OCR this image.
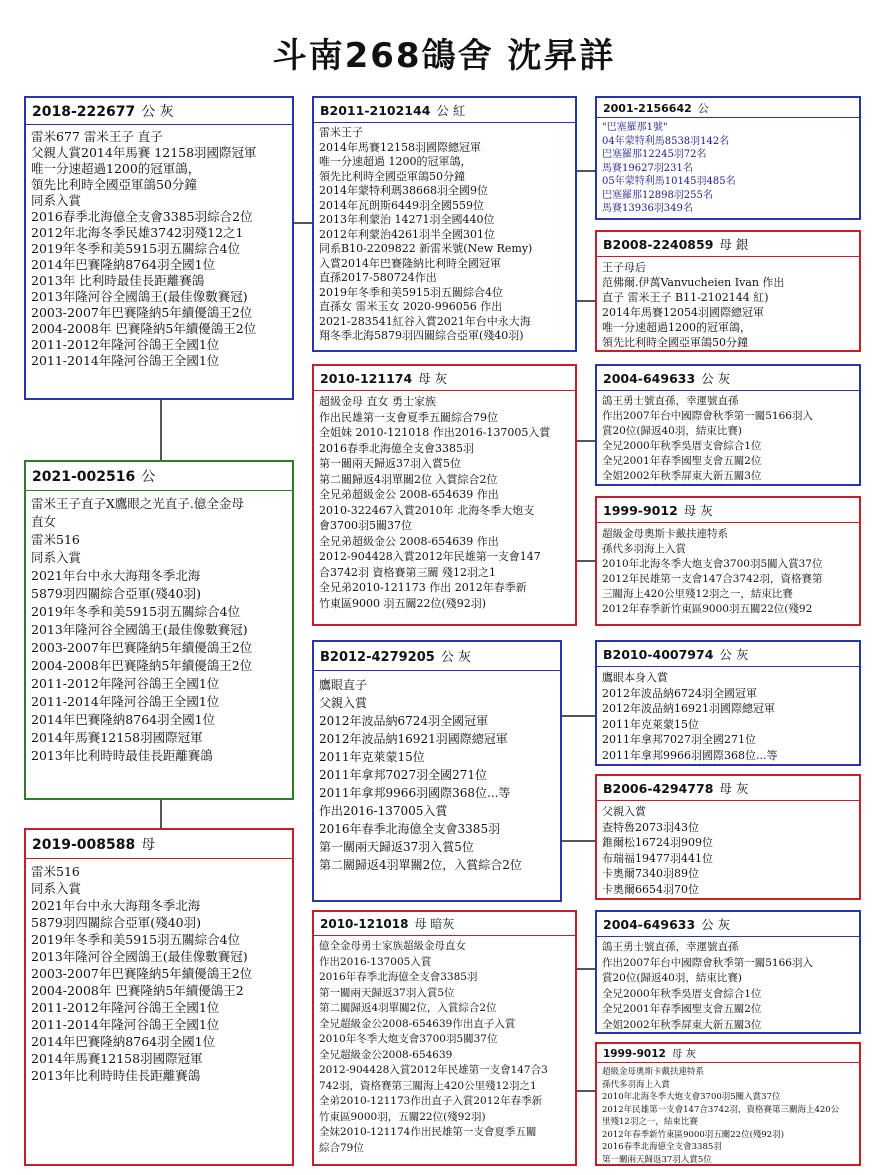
斗南268鴿舍 沈昇詳
2018-222677 公 灰
雷米677 雷米王子 直子
父親人賞2014年馬賽 12158羽國際冠軍
唯一分速超過1200的冠軍鴿，
領先比利時全國亞軍鴿50分鐘
同系入賞
2016春季北海億全支會3385羽綜合2位
2012年北海冬季民雄3742羽殘12之1
2019年冬季和美5915羽五關綜合4位
2014年巴賽隆納8764羽全國1位
2013年 比利時最佳長距離賽鴿
2013年隆河谷全國鴿王(最佳像數賽冠)
2003-2007年巴賽隆納5年續優鴿王2位
2004-2008年 巴賽隆納5年續優鴿王2位
2011-2012年隆河谷鴿王全國1位
2011-2014年隆河谷鴿王全國1位
B2011-2102144 公 紅
雷米王子
2014年馬賽12158羽國際總冠軍
唯一分速超過 1200的冠軍鴿，
領先比利時全國亞軍鴿50分鐘
2014年蒙特利瑪38668羽全國9位
2014年瓦朗斯6449羽全國559位
2013年利蒙治 14271羽全國440位
2012年利蒙治4261羽半全國301位
同系B10-2209822 新雷米號(New Remy)
入賞2014年巴賽隆納比利時全國冠軍
直孫2017-580724作出
2019年冬季和美5915羽五關綜合4位
直孫女 雷米玉女 2020-996056 作出
2021-283541紅谷入賞2021年台中永大海
翔冬季北海5879羽四關綜合亞軍(殘40羽)
2001-2156642 公
"巴塞羅那1號"
04年蒙特利馬8538羽142名
巴塞羅那12245羽72名
馬賽19627羽231名
05年蒙特利馬10145羽485名
巴塞羅那12898羽255名
馬賽13936羽349名
B2008-2240859 母 銀
王子母后
范佛爾.伊萬Vanvucheien Ivan 作出
直子 雷米王子 B11-2102144 紅)
2014年馬賽12054羽國際總冠軍
唯一分速超過1200的冠軍鴿，
領先比利時全國亞軍鴿50分鐘
2010-121174 母 灰
超級金母 直女 勇士家族
作出民雄第一支會夏季五關綜合79位
全姐妹 2010-121018 作出2016-137005入賞
2016春季北海億全支會3385羽
第一關兩天歸返37羽入賞5位
第二關歸返4羽單關2位 入賞綜合2位
全兄弟超級金公 2008-654639 作出
2010-322467入賞2010年 北海冬季大炮支
會3700羽5關37位
全兄弟超級金公 2008-654639 作出
2012-904428入賞2012年民雄第一支會147
合3742羽 資格賽第三關 殘12羽之1
全兄弟2010-121173 作出 2012年春季新
竹東區9000 羽五關22位(殘92羽)
2004-649633 公 灰
鴿王勇士號直孫，幸運號直孫
作出2007年台中國際會秋季第一關5166羽入
賞20位(歸返40羽，結束比賽)
全兄2000年秋季吳厝支會綜合1位
全兄2001年春季國聖支會五關2位
全姐2002年秋季屏東大新五關3位
1999-9012 母 灰
超級金母奧斯卡戴扶連特系
孫代多羽海上入賞
2010年北海冬季大炮支會3700羽5關入賞37位
2012年民雄第一支會147合3742羽，資格賽第
三關海上420公里殘12羽之一，結束比賽
2012年春季新竹東區9000羽五關22位(殘92
2021-002516 公
雷米王子直子X鷹眼之光直子.億全金母
直女
雷米516
同系入賞
2021年台中永大海翔冬季北海
5879羽四關綜合亞軍(殘40羽)
2019年冬季和美5915羽五關綜合4位
2013年隆河谷全國鴿王(最佳像數賽冠)
2003-2007年巴賽隆納5年續優鴿王2位
2004-2008年巴賽隆納5年續優鴿王2位
2011-2012年隆河谷鴿王全國1位
2011-2014年隆河谷鴿王全國1位
2014年巴賽隆納8764羽全國1位
2014年馬賽12158羽國際冠軍
2013年比利時時最佳長距離賽鴿
B2012-4279205 公 灰
鷹眼直子
父親入賞
2012年波品納6724羽全國冠軍
2012年波品納16921羽國際總冠軍
2011年克萊蒙15位
2011年拿邦7027羽全國271位
2011年拿邦9966羽國際368位...等
作出2016-137005入賞
2016年春季北海億全支會3385羽
第一關兩天歸返37羽入賞5位
第二關歸返4羽單關2位，入賞綜合2位
B2010-4007974 公 灰
鷹眼本身入賞
2012年波品納6724羽全國冠軍
2012年波品納16921羽國際總冠軍
2011年克萊蒙15位
2011年拿邦7027羽全國271位
2011年拿邦9966羽國際368位...等
B2006-4294778 母 灰
父親入賞
查特魯2073羽43位
錐爾松16724羽909位
布瑞福19477羽441位
卡奧爾7340羽89位
卡奧爾6654羽70位
2019-008588 母
雷米516
同系入賞
2021年台中永大海翔冬季北海
5879羽四關綜合亞軍(殘40羽)
2019年冬季和美5915羽五關綜合4位
2013年隆河谷全國鴿王(最佳像數賽冠)
2003-2007年巴賽隆納5年續優鴿王2位
2004-2008年 巴賽隆納5年續優鴿王2
2011-2012年隆河谷鴿王全國1位
2011-2014年隆河谷鴿王全國1位
2014年巴賽隆納8764羽全國1位
2014年馬賽12158羽國際冠軍
2013年比利時時佳長距離賽鴿
2010-121018 母 暗灰
億全金母勇士家族超級金母直女
作出2016-137005入賞
2016年春季北海億全支會3385羽
第一關兩天歸返37羽入賞5位
第二關歸返4羽單關2位，入賞綜合2位
全兄超級金公2008-654639作出直子入賞
2010年冬季大炮支會3700羽5關37位
全兄超級金公2008-654639
2012-904428入賞2012年民雄第一支會147合3
742羽，資格賽第三關海上420公里殘12羽之1
全弟2010-121173作出直子入賞2012年春季新
竹東區9000羽，五關22位(殘92羽)
全妹2010-121174作出民雄第一支會夏季五關
綜合79位
2004-649633 公 灰
鴿王勇士號直孫，幸運號直孫
作出2007年台中國際會秋季第一關5166羽入
賞20位(歸返40羽，結束比賽)
全兄2000年秋季吳厝支會綜合1位
全兄2001年春季國聖支會五關2位
全姐2002年秋季屏東大新五關3位
1999-9012 母 灰
超級金母奧斯卡戴扶連特系
孫代多羽海上入賞
2010年北海冬季大炮支會3700羽5關入賞37位
2012年民雄第一支會147合3742羽，資格賽第三關海上420公
里殘12羽之一，結束比賽
2012年春季新竹東區9000羽五關22位(殘92羽)
2016春季北海億全支會3385羽
第一關兩天歸返37羽入賞5位
